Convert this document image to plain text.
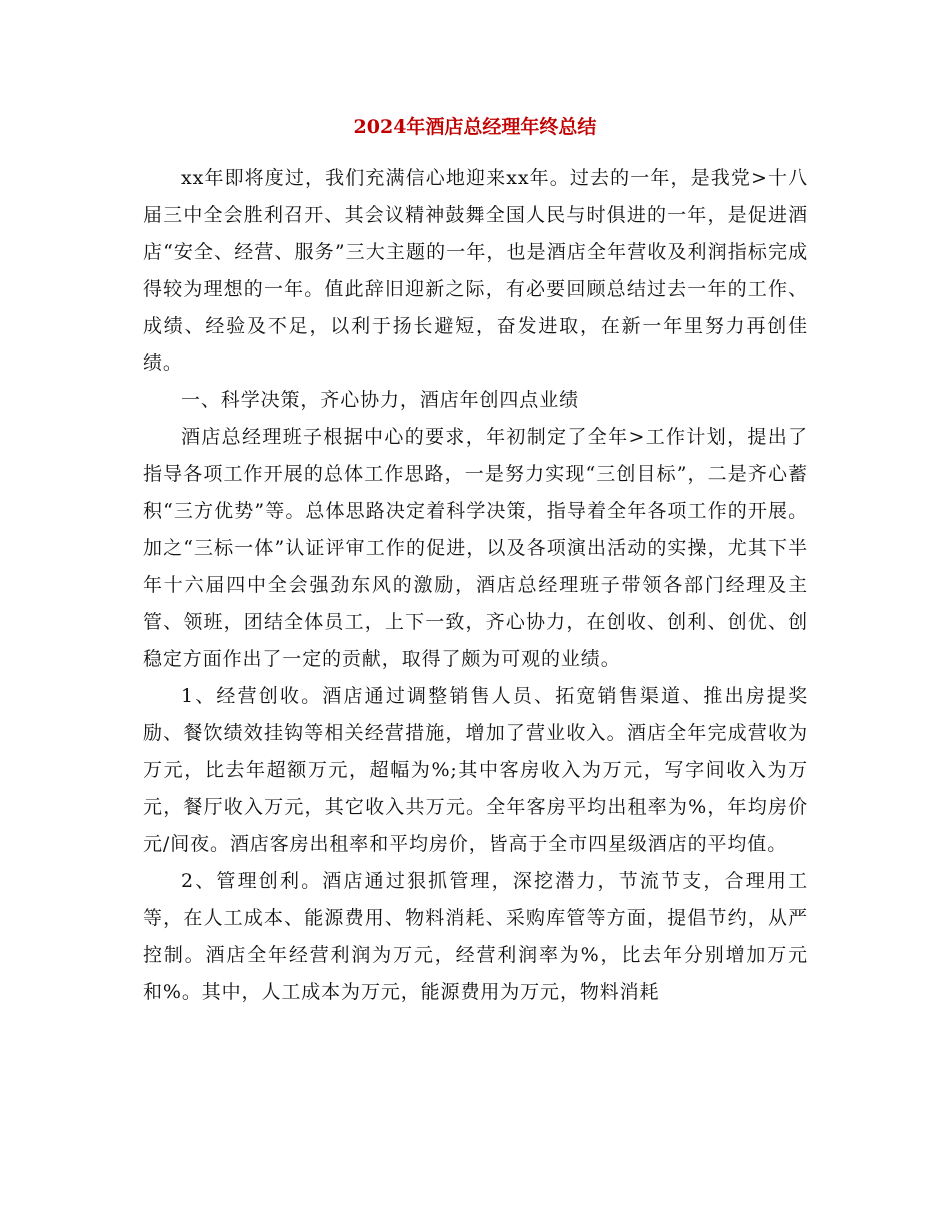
2024年酒店总经理年终总结

xx年即将度过，我们充满信心地迎来xx年。过去的一年，是我党>十八届三中全会胜利召开、其会议精神鼓舞全国人民与时俱进的一年，是促进酒店“安全、经营、服务”三大主题的一年，也是酒店全年营收及利润指标完成得较为理想的一年。值此辞旧迎新之际，有必要回顾总结过去一年的工作、成绩、经验及不足，以利于扬长避短，奋发进取，在新一年里努力再创佳绩。

一、科学决策，齐心协力，酒店年创四点业绩

酒店总经理班子根据中心的要求，年初制定了全年>工作计划，提出了指导各项工作开展的总体工作思路，一是努力实现“三创目标”，二是齐心蓄积“三方优势”等。总体思路决定着科学决策，指导着全年各项工作的开展。加之“三标一体”认证评审工作的促进，以及各项演出活动的实操，尤其下半年十六届四中全会强劲东风的激励，酒店总经理班子带领各部门经理及主管、领班，团结全体员工，上下一致，齐心协力，在创收、创利、创优、创稳定方面作出了一定的贡献，取得了颇为可观的业绩。

1、经营创收。酒店通过调整销售人员、拓宽销售渠道、推出房提奖励、餐饮绩效挂钩等相关经营措施，增加了营业收入。酒店全年完成营收为万元，比去年超额万元，超幅为%;其中客房收入为万元，写字间收入为万元，餐厅收入万元，其它收入共万元。全年客房平均出租率为%，年均房价元/间夜。酒店客房出租率和平均房价，皆高于全市四星级酒店的平均值。

2、管理创利。酒店通过狠抓管理，深挖潜力，节流节支，合理用工等，在人工成本、能源费用、物料消耗、采购库管等方面，提倡节约，从严控制。酒店全年经营利润为万元，经营利润率为%，比去年分别增加万元和%。其中，人工成本为万元，能源费用为万元，物料消耗
